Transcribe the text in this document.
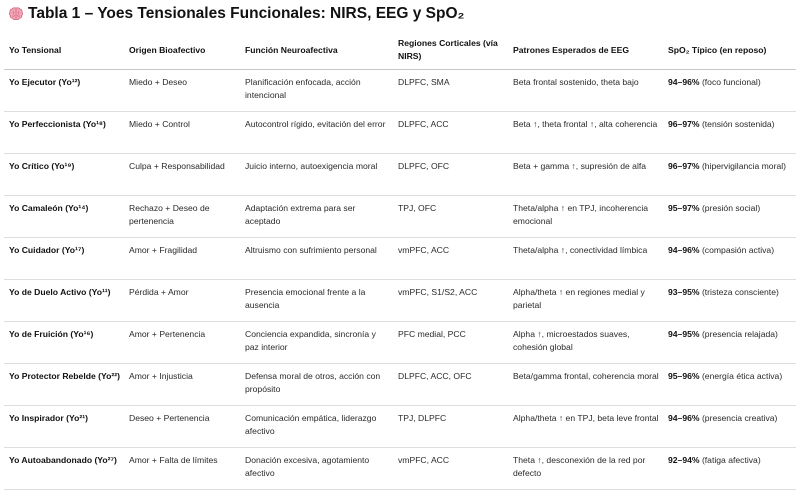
Tabla 1 – Yoes Tensionales Funcionales: NIRS, EEG y SpO₂
Yo Tensional	Origen Bioafectivo	Función Neuroafectiva	Regiones Corticales (vía NIRS)	Patrones Esperados de EEG	SpO₂ Típico (en reposo)
Yo Ejecutor (Yo¹²)	Miedo + Deseo	Planificación enfocada, acción intencional	DLPFC, SMA	Beta frontal sostenido, theta bajo	94–96% (foco funcional)
Yo Perfeccionista (Yo¹⁸)	Miedo + Control	Autocontrol rígido, evitación del error	DLPFC, ACC	Beta ↑, theta frontal ↑, alta coherencia	96–97% (tensión sostenida)
Yo Crítico (Yo¹⁹)	Culpa + Responsabilidad	Juicio interno, autoexigencia moral	DLPFC, OFC	Beta + gamma ↑, supresión de alfa	96–97% (hipervigilancia moral)
Yo Camaleón (Yo¹⁴)	Rechazo + Deseo de pertenencia	Adaptación extrema para ser aceptado	TPJ, OFC	Theta/alpha ↑ en TPJ, incoherencia emocional	95–97% (presión social)
Yo Cuidador (Yo¹⁷)	Amor + Fragilidad	Altruismo con sufrimiento personal	vmPFC, ACC	Theta/alpha ↑, conectividad límbica	94–96% (compasión activa)
Yo de Duelo Activo (Yo¹¹)	Pérdida + Amor	Presencia emocional frente a la ausencia	vmPFC, S1/S2, ACC	Alpha/theta ↑ en regiones medial y parietal	93–95% (tristeza consciente)
Yo de Fruición (Yo¹⁶)	Amor + Pertenencia	Conciencia expandida, sincronía y paz interior	PFC medial, PCC	Alpha ↑, microestados suaves, cohesión global	94–95% (presencia relajada)
Yo Protector Rebelde (Yo²²)	Amor + Injusticia	Defensa moral de otros, acción con propósito	DLPFC, ACC, OFC	Beta/gamma frontal, coherencia moral	95–96% (energía ética activa)
Yo Inspirador (Yo²¹)	Deseo + Pertenencia	Comunicación empática, liderazgo afectivo	TPJ, DLPFC	Alpha/theta ↑ en TPJ, beta leve frontal	94–96% (presencia creativa)
Yo Autoabandonado (Yo²⁷)	Amor + Falta de límites	Donación excesiva, agotamiento afectivo	vmPFC, ACC	Theta ↑, desconexión de la red por defecto	92–94% (fatiga afectiva)
